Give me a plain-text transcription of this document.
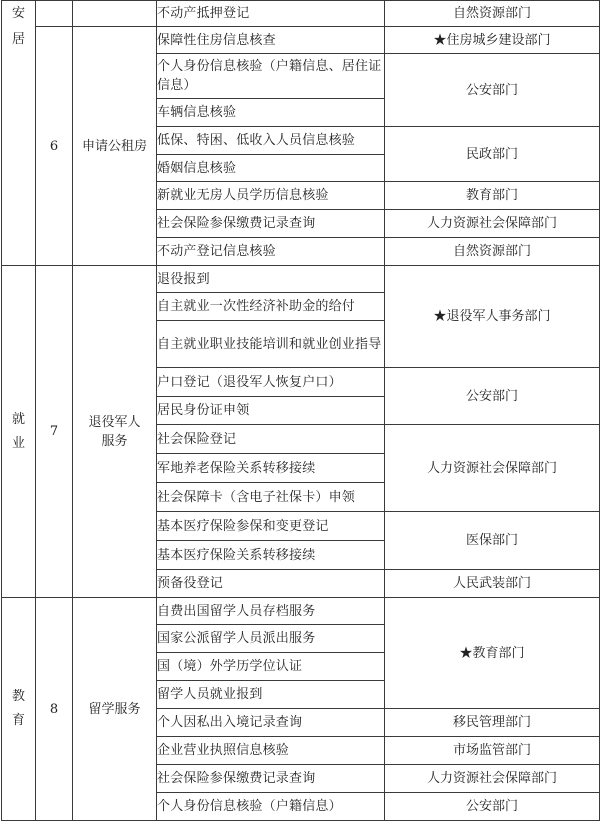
安
居			不动产抵押登记	自然资源部门
	6	申请公租房	保障性住房信息核查	★住房城乡建设部门
			个人身份信息核验（户籍信息、居住证信息）	公安部门
			车辆信息核验	
			低保、特困、低收入人员信息核验	民政部门
			婚姻信息核验	
			新就业无房人员学历信息核验	教育部门
			社会保险参保缴费记录查询	人力资源社会保障部门
			不动产登记信息核验	自然资源部门

就
业	7	退役军人服务	退役报到	★退役军人事务部门
			自主就业一次性经济补助金的给付	
			自主就业职业技能培训和就业创业指导	
			户口登记（退役军人恢复户口）	公安部门
			居民身份证申领	
			社会保险登记	人力资源社会保障部门
			军地养老保险关系转移接续	
			社会保障卡（含电子社保卡）申领	
			基本医疗保险参保和变更登记	医保部门
			基本医疗保险关系转移接续	
			预备役登记	人民武装部门

教
育	8	留学服务	自费出国留学人员存档服务	★教育部门
			国家公派留学人员派出服务	
			国（境）外学历学位认证	
			留学人员就业报到	
			个人因私出入境记录查询	移民管理部门
			企业营业执照信息核验	市场监管部门
			社会保险参保缴费记录查询	人力资源社会保障部门
			个人身份信息核验（户籍信息）	公安部门
